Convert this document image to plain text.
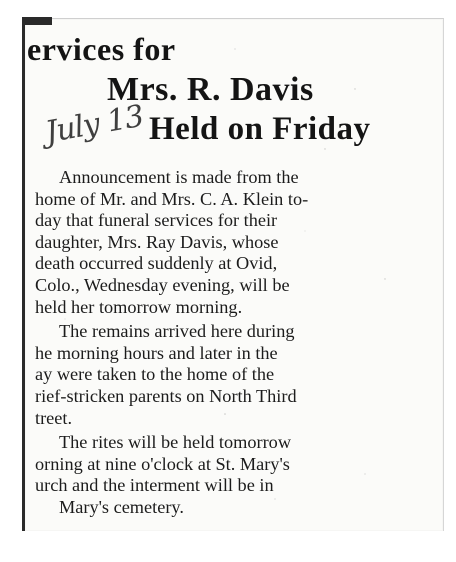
ervices for
Mrs. R. Davis
Held on Friday
July 13
Announcement is made from the
home of Mr. and Mrs. C. A. Klein to-
day that funeral services for their
daughter, Mrs. Ray Davis, whose
death occurred suddenly at Ovid,
Colo., Wednesday evening, will be
held her tomorrow morning.
The remains arrived here during
he morning hours and later in the
ay were taken to the home of the
rief-stricken parents on North Third
treet.
The rites will be held tomorrow
orning at nine o'clock at St. Mary's
urch and the interment will be in
Mary's cemetery.
